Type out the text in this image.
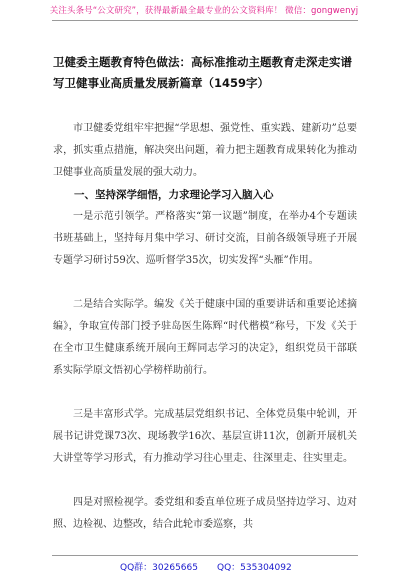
关注头条号“公文研究”，获得最新最全最专业的公文资料库！ 微信：gongwenyj
卫健委主题教育特色做法：高标准推动主题教育走深走实谱写卫健事业高质量发展新篇章（1459字）

市卫健委党组牢牢把握“学思想、强党性、重实践、建新功”总要求，抓实重点措施，解决突出问题，着力把主题教育成果转化为推动卫健事业高质量发展的强大动力。

一、坚持深学细悟，力求理论学习入脑入心

一是示范引领学。严格落实“第一议题”制度，在举办4个专题读书班基础上，坚持每月集中学习、研讨交流，目前各级领导班子开展专题学习研讨59次、巡听督学35次，切实发挥“头雁”作用。

二是结合实际学。编发《关于健康中国的重要讲话和重要论述摘编》，争取宣传部门授予驻岛医生陈辉“时代楷模”称号，下发《关于在全市卫生健康系统开展向王辉同志学习的决定》，组织党员干部联系实际学原文悟初心学榜样助前行。

三是丰富形式学。完成基层党组织书记、全体党员集中轮训，开展书记讲党课73次、现场教学16次、基层宣讲11次，创新开展机关大讲堂等学习形式，有力推动学习往心里走、往深里走、往实里走。

四是对照检视学。委党组和委直单位班子成员坚持边学习、边对照、边检视、边整改，结合此轮市委巡察，共

QQ群：30265665 QQ：535304092
